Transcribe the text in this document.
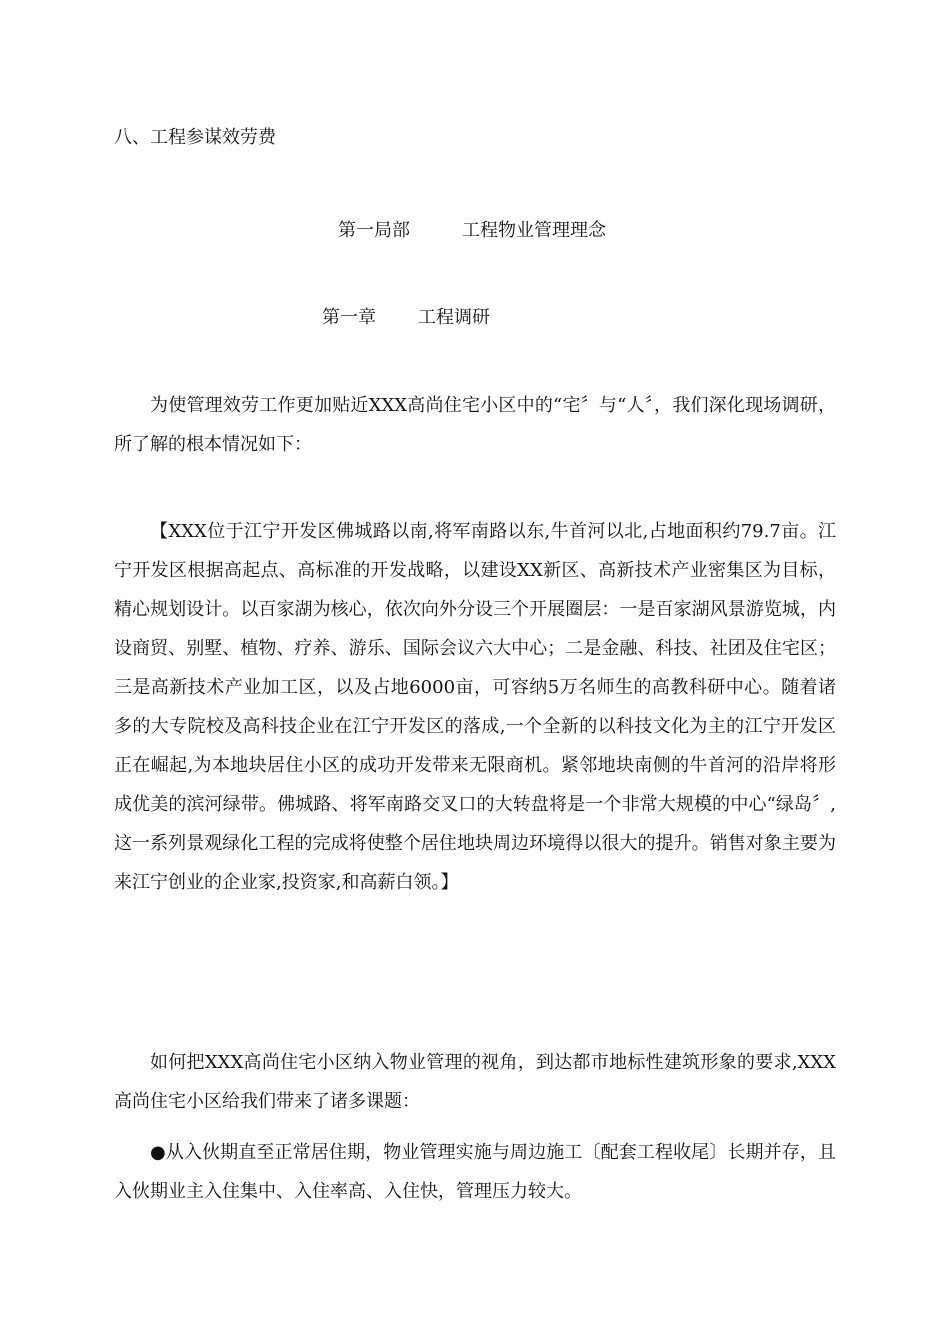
八、工程参谋效劳费
第一局部	工程物业管理理念
第一章 工程调研
为使管理效劳工作更加贴近XXX高尚住宅小区中的“宅〞与“人〞，我们深化现场调研，所了解的根本情况如下：
【XXX位于江宁开发区佛城路以南,将军南路以东,牛首河以北,占地面积约79.7亩。江宁开发区根据高起点、高标准的开发战略，以建设XX新区、高新技术产业密集区为目标，精心规划设计。以百家湖为核心，依次向外分设三个开展圈层：一是百家湖风景游览城，内设商贸、别墅、植物、疗养、游乐、国际会议六大中心；二是金融、科技、社团及住宅区；三是高新技术产业加工区，以及占地6000亩，可容纳5万名师生的高教科研中心。随着诸多的大专院校及高科技企业在江宁开发区的落成,一个全新的以科技文化为主的江宁开发区正在崛起,为本地块居住小区的成功开发带来无限商机。紧邻地块南侧的牛首河的沿岸将形成优美的滨河绿带。佛城路、将军南路交叉口的大转盘将是一个非常大规模的中心“绿岛〞,这一系列景观绿化工程的完成将使整个居住地块周边环境得以很大的提升。销售对象主要为来江宁创业的企业家,投资家,和高薪白领。】
如何把XXX高尚住宅小区纳入物业管理的视角，到达都市地标性建筑形象的要求,XXX高尚住宅小区给我们带来了诸多课题：
●从入伙期直至正常居住期，物业管理实施与周边施工〔配套工程收尾〕长期并存，且入伙期业主入住集中、入住率高、入住快，管理压力较大。
